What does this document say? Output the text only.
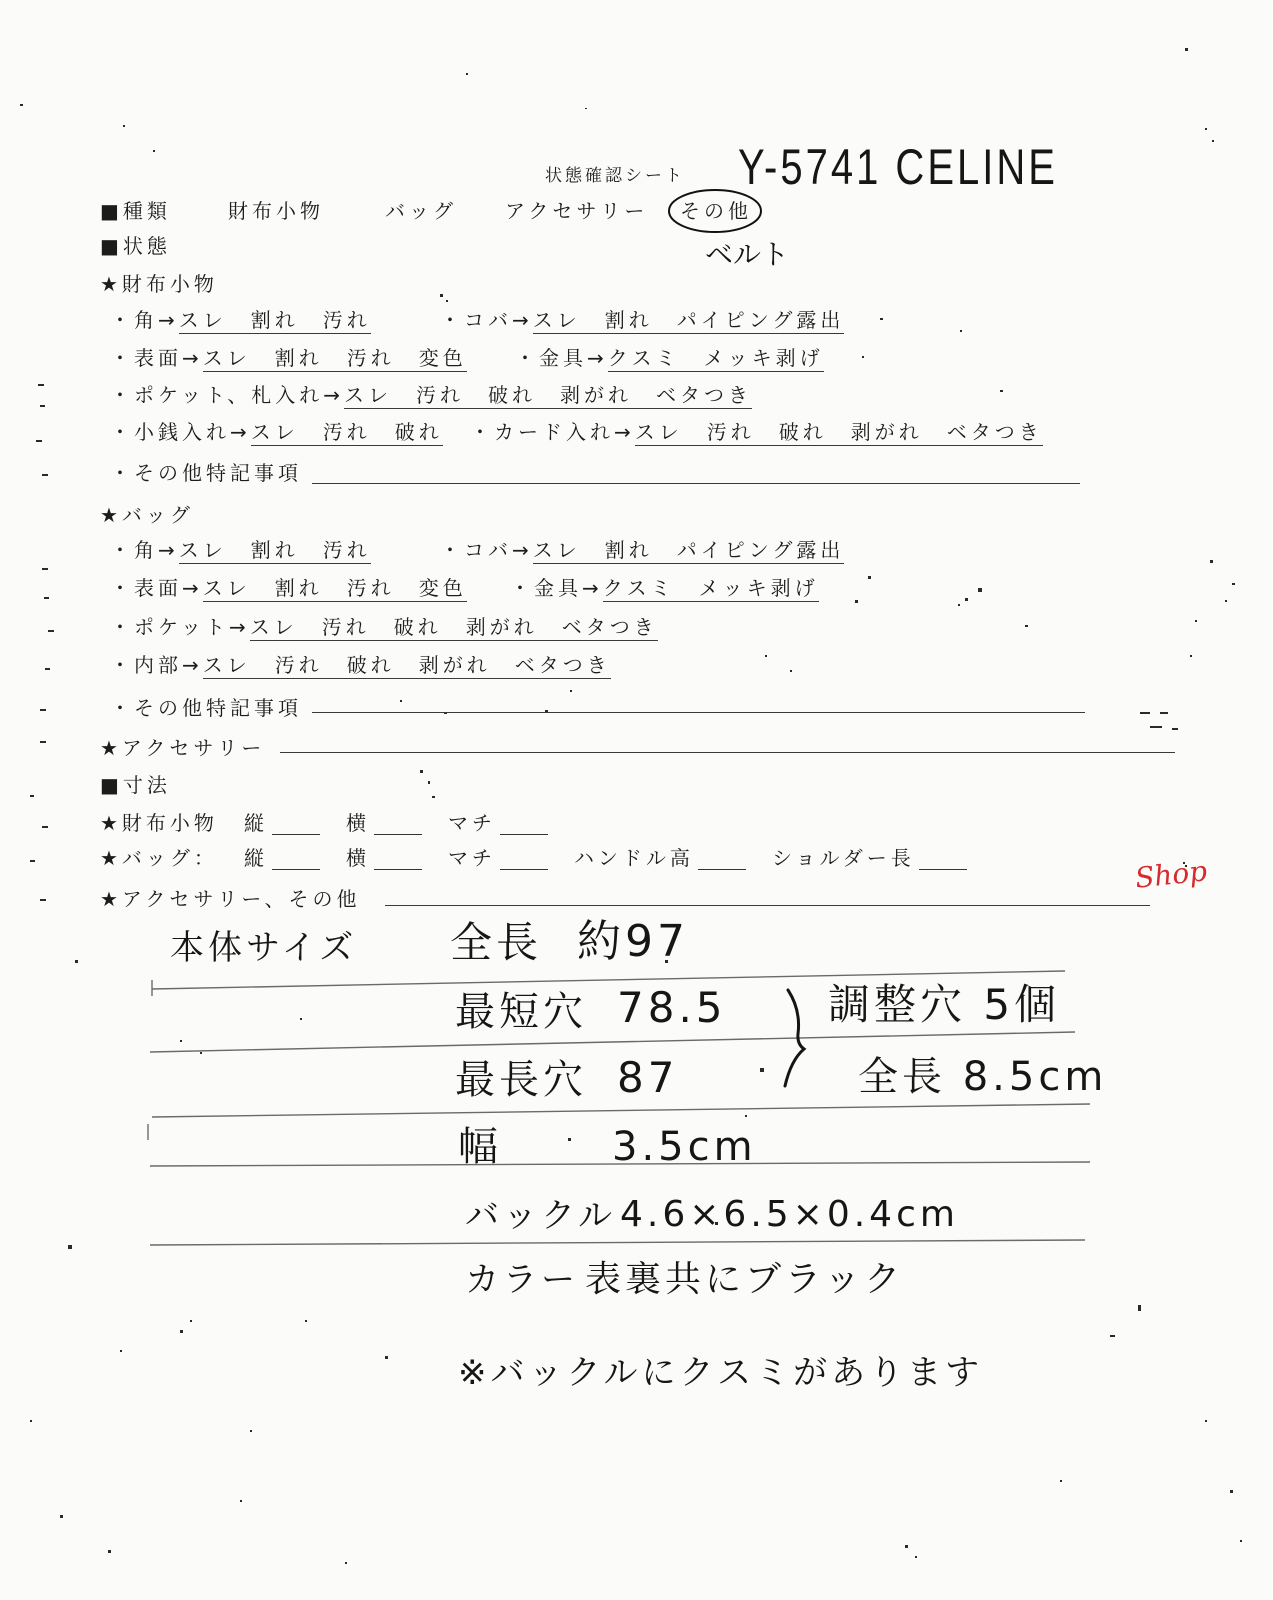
状態確認シート Y-5741 CELINE
■種類	財布小物	バッグ アクセサリー その他
■状態	ベルト
★財布小物
・角→スレ　割れ　汚れ	・コバ→スレ　割れ　パイピング露出
・表面→スレ　割れ　汚れ　変色 ・金具→クスミ　メッキ剥げ
・ポケット、札入れ→スレ　汚れ　破れ　剥がれ　ベタつき
・小銭入れ→スレ　汚れ　破れ ・カード入れ→スレ　汚れ　破れ　剥がれ　ベタつき
・その他特記事項
★バッグ
・角→スレ　割れ　汚れ	・コバ→スレ　割れ　パイピング露出
・表面→スレ　割れ　汚れ　変色 ・金具→クスミ　メッキ剥げ
・ポケット→スレ　汚れ　破れ　剥がれ　ベタつき
・内部→スレ　汚れ　破れ　剥がれ　ベタつき
・その他特記事項
★アクセサリー
■寸法
★財布小物 縦	横	マチ
★バッグ： 縦	横	マチ	ハンドル高	ショルダー長
★アクセサリー、その他
Shop
本体サイズ 全長 約97
最短穴 78.5
最長穴 87
幅	3.5cm
バックル 4.6×6.5×0.4cm
カラー 表裏共にブラック
調整穴 5個
全長 8.5cm
※バックルにクスミがあります
